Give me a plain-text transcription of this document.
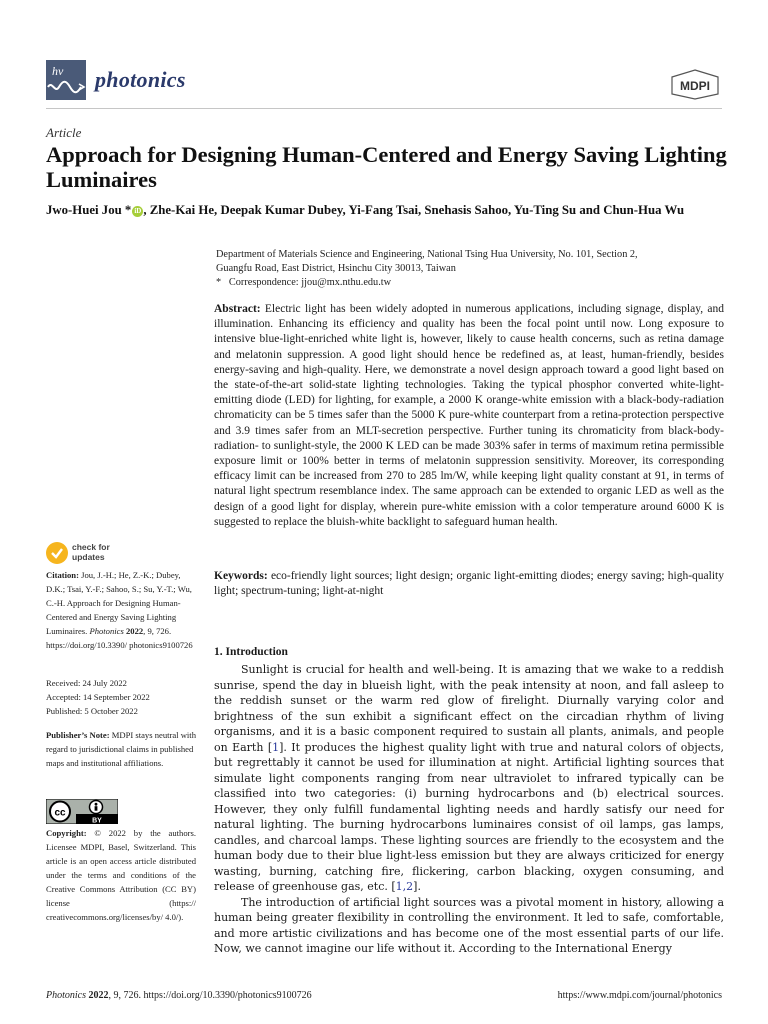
hv photonics	MDPI
Article
Approach for Designing Human-Centered and Energy Saving Lighting Luminaires
Jwo-Huei Jou * iD , Zhe-Kai He, Deepak Kumar Dubey, Yi-Fang Tsai, Snehasis Sahoo, Yu-Ting Su and Chun-Hua Wu
Department of Materials Science and Engineering, National Tsing Hua University, No. 101, Section 2,
Guangfu Road, East District, Hsinchu City 30013, Taiwan
* Correspondence: jjou@mx.nthu.edu.tw
Abstract: Electric light has been widely adopted in numerous applications, including signage, display, and illumination. Enhancing its efficiency and quality has been the focal point until now. Long exposure to intensive blue-light-enriched white light is, however, likely to cause health concerns, such as retina damage and melatonin suppression. A good light should hence be redefined as, at least, human-friendly, besides energy-saving and high-quality. Here, we demonstrate a novel design approach toward a good light based on the state-of-the-art solid-state lighting technologies. Taking the typical phosphor converted white-light-emitting diode (LED) for lighting, for example, a 2000 K orange-white emission with a black-body-radiation chromaticity can be 5 times safer than the 5000 K pure-white counterpart from a retina-protection perspective and 3.9 times safer from an MLT-secretion perspective. Further tuning its chromaticity from black-body-radiation- to sunlight-style, the 2000 K LED can be made 303% safer in terms of maximum retina permissible exposure limit or 100% better in terms of melatonin suppression sensitivity. Moreover, its corresponding efficacy limit can be increased from 270 to 285 lm/W, while keeping light quality constant at 91, in terms of natural light spectrum resemblance index. The same approach can be extended to organic LED as well as the design of a good light for display, wherein pure-white emission with a color temperature around 6000 K is suggested to replace the bluish-white backlight to safeguard human health.
Keywords: eco-friendly light sources; light design; organic light-emitting diodes; energy saving; high-quality light; spectrum-tuning; light-at-night
check for
updates
Citation: Jou, J.-H.; He, Z.-K.; Dubey, D.K.; Tsai, Y.-F.; Sahoo, S.; Su, Y.-T.; Wu, C.-H. Approach for Designing Human-Centered and Energy Saving Lighting Luminaires. Photonics 2022, 9, 726. https://doi.org/10.3390/ photonics9100726
Received: 24 July 2022
Accepted: 14 September 2022
Published: 5 October 2022
Publisher’s Note: MDPI stays neutral with regard to jurisdictional claims in published maps and institutional affiliations.
cc
BY
Copyright: © 2022 by the authors. Licensee MDPI, Basel, Switzerland. This article is an open access article distributed under the terms and conditions of the Creative Commons Attribution (CC BY) license (https:// creativecommons.org/licenses/by/ 4.0/).
1. Introduction

Sunlight is crucial for health and well-being. It is amazing that we wake to a reddish sunrise, spend the day in blueish light, with the peak intensity at noon, and fall asleep to the reddish sunset or the warm red glow of firelight. Diurnally varying color and brightness of the sun exhibit a significant effect on the circadian rhythm of living organisms, and it is a basic component required to sustain all plants, animals, and people on Earth [1]. It produces the highest quality light with true and natural colors of objects, but regrettably it cannot be used for illumination at night. Artificial lighting sources that simulate light components ranging from near ultraviolet to infrared typically can be classified into two categories: (i) burning hydrocarbons and (b) electrical sources. However, they only fulfill fundamental lighting needs and hardly satisfy our need for natural lighting. The burning hydrocarbons luminaires consist of oil lamps, gas lamps, candles, and charcoal lamps. These lighting sources are friendly to the ecosystem and the human body due to their blue light-less emission but they are always criticized for energy wasting, burning, catching fire, flickering, carbon blacking, oxygen consuming, and release of greenhouse gas, etc. [1,2].

The introduction of artificial light sources was a pivotal moment in history, allowing a human being greater flexibility in controlling the environment. It led to safe, comfortable, and more artistic civilizations and has become one of the most essential parts of our life. Now, we cannot imagine our life without it. According to the International Energy

Photonics 2022, 9, 726. https://doi.org/10.3390/photonics9100726	https://www.mdpi.com/journal/photonics
